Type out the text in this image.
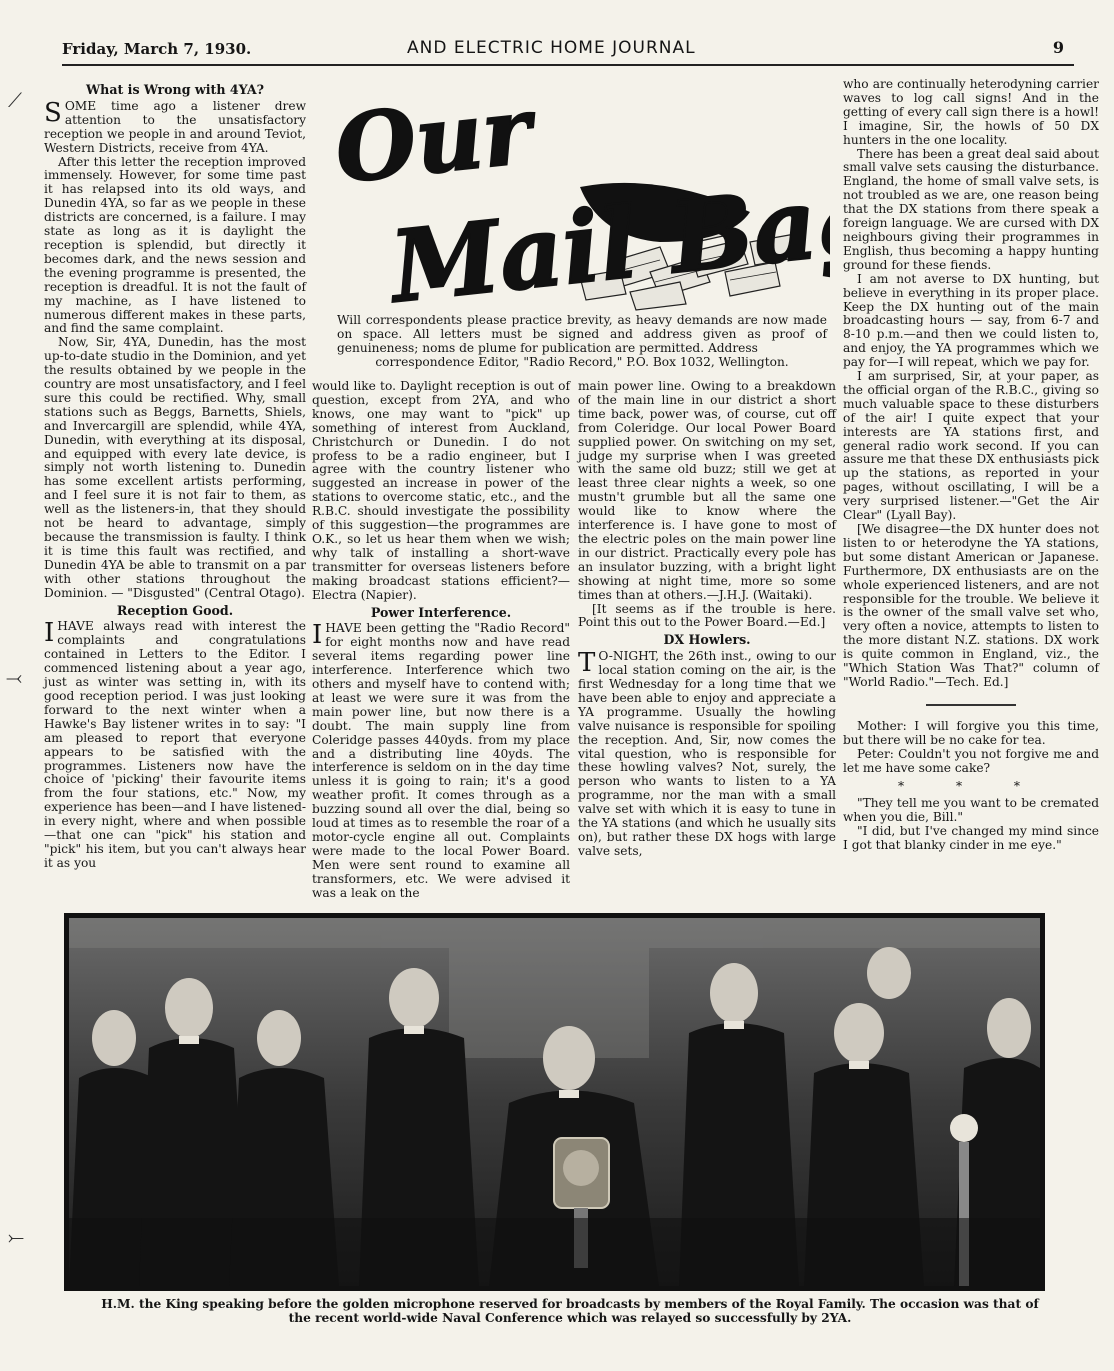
Friday, March 7, 1930.	AND ELECTRIC HOME JOURNAL	9
What is Wrong with 4YA?

SOME time ago a listener drew attention to the unsatisfactory reception we people in and around Teviot, Western Districts, receive from 4YA.

After this letter the reception improved immensely. However, for some time past it has relapsed into its old ways, and Dunedin 4YA, so far as we people in these districts are concerned, is a failure. I may state as long as it is daylight the reception is splendid, but directly it becomes dark, and the news session and the evening programme is presented, the reception is dreadful. It is not the fault of my machine, as I have listened to numerous different makes in these parts, and find the same complaint.

Now, Sir, 4YA, Dunedin, has the most up-to-date studio in the Dominion, and yet the results obtained by we people in the country are most unsatisfactory, and I feel sure this could be rectified. Why, small stations such as Beggs, Barnetts, Shiels, and Invercargill are splendid, while 4YA, Dunedin, with everything at its disposal, and equipped with every late device, is simply not worth listening to. Dunedin has some excellent artists performing, and I feel sure it is not fair to them, as well as the listeners-in, that they should not be heard to advantage, simply because the transmission is faulty. I think it is time this fault was rectified, and Dunedin 4YA be able to transmit on a par with other stations throughout the Dominion. — "Disgusted" (Central Otago).

Reception Good.

IHAVE always read with interest the complaints and congratulations contained in Letters to the Editor. I commenced listening about a year ago, just as winter was setting in, with its good reception period. I was just looking forward to the next winter when a Hawke's Bay listener writes in to say: "I am pleased to report that everyone appears to be satisfied with the programmes. Listeners now have the choice of 'picking' their favourite items from the four stations, etc." Now, my experience has been—and I have listened-in every night, where and when possible—that one can "pick" his station and "pick" his item, but you can't always hear it as you

Our
Mail Bag
Will correspondents please practice brevity, as heavy demands are now made on space. All letters must be signed and address given as proof of genuineness; noms de plume for publication are permitted. Address
correspondence Editor, "Radio Record," P.O. Box 1032, Wellington.

would like to. Daylight reception is out of question, except from 2YA, and who knows, one may want to "pick" up something of interest from Auckland, Christchurch or Dunedin. I do not profess to be a radio engineer, but I agree with the country listener who suggested an increase in power of the stations to overcome static, etc., and the R.B.C. should investigate the possibility of this suggestion—the programmes are O.K., so let us hear them when we wish; why talk of installing a short-wave transmitter for overseas listeners before making broadcast stations efficient?—Electra (Napier).

Power Interference.

IHAVE been getting the "Radio Record" for eight months now and have read several items regarding power line interference. Interference which two others and myself have to contend with; at least we were sure it was from the main power line, but now there is a doubt. The main supply line from Coleridge passes 440yds. from my place and a distributing line 40yds. The interference is seldom on in the day time unless it is going to rain; it's a good weather profit. It comes through as a buzzing sound all over the dial, being so loud at times as to resemble the roar of a motor-cycle engine all out. Complaints were made to the local Power Board. Men were sent round to examine all transformers, etc. We were advised it was a leak on the

main power line. Owing to a breakdown of the main line in our district a short time back, power was, of course, cut off from Coleridge. Our local Power Board supplied power. On switching on my set, judge my surprise when I was greeted with the same old buzz; still we get at least three clear nights a week, so one mustn't grumble but all the same one would like to know where the interference is. I have gone to most of the electric poles on the main power line in our district. Practically every pole has an insulator buzzing, with a bright light showing at night time, more so some times than at others.—J.H.J. (Waitaki).

[It seems as if the trouble is here. Point this out to the Power Board.—Ed.]

DX Howlers.

T O-NIGHT, the 26th inst., owing to our local station coming on the air, is the first Wednesday for a long time that we have been able to enjoy and appreciate a YA programme. Usually the howling valve nuisance is responsible for spoiling the reception. And, Sir, now comes the vital question, who is responsible for these howling valves? Not, surely, the person who wants to listen to a YA programme, nor the man with a small valve set with which it is easy to tune in the YA stations (and which he usually sits on), but rather these DX hogs with large valve sets,

who are continually heterodyning carrier waves to log call signs! And in the getting of every call sign there is a howl! I imagine, Sir, the howls of 50 DX hunters in the one locality.

There has been a great deal said about small valve sets causing the disturbance. England, the home of small valve sets, is not troubled as we are, one reason being that the DX stations from there speak a foreign language. We are cursed with DX neighbours giving their programmes in English, thus becoming a happy hunting ground for these fiends.

I am not averse to DX hunting, but believe in everything in its proper place. Keep the DX hunting out of the main broadcasting hours — say, from 6-7 and 8-10 p.m.—and then we could listen to, and enjoy, the YA programmes which we pay for—I will repeat, which we pay for.

I am surprised, Sir, at your paper, as the official organ of the R.B.C., giving so much valuable space to these disturbers of the air! I quite expect that your interests are YA stations first, and general radio work second. If you can assure me that these DX enthusiasts pick up the stations, as reported in your pages, without oscillating, I will be a very surprised listener.—"Get the Air Clear" (Lyall Bay).

[We disagree—the DX hunter does not listen to or heterodyne the YA stations, but some distant American or Japanese. Furthermore, DX enthusiasts are on the whole experienced listeners, and are not responsible for the trouble. We believe it is the owner of the small valve set who, very often a novice, attempts to listen to the more distant N.Z. stations. DX work is quite common in England, viz., the "Which Station Was That?" column of "World Radio."—Tech. Ed.]

Mother: I will forgive you this time, but there will be no cake for tea.

Peter: Couldn't you not forgive me and let me have some cake?

* * *

"They tell me you want to be cremated when you die, Bill."

"I did, but I've changed my mind since I got that blanky cinder in me eye."

H.M. the King speaking before the golden microphone reserved for broadcasts by members of the Royal Family. The occasion was that of the recent world-wide Naval Conference which was relayed so successfully by 2YA.
⟋
⤙
⤚
